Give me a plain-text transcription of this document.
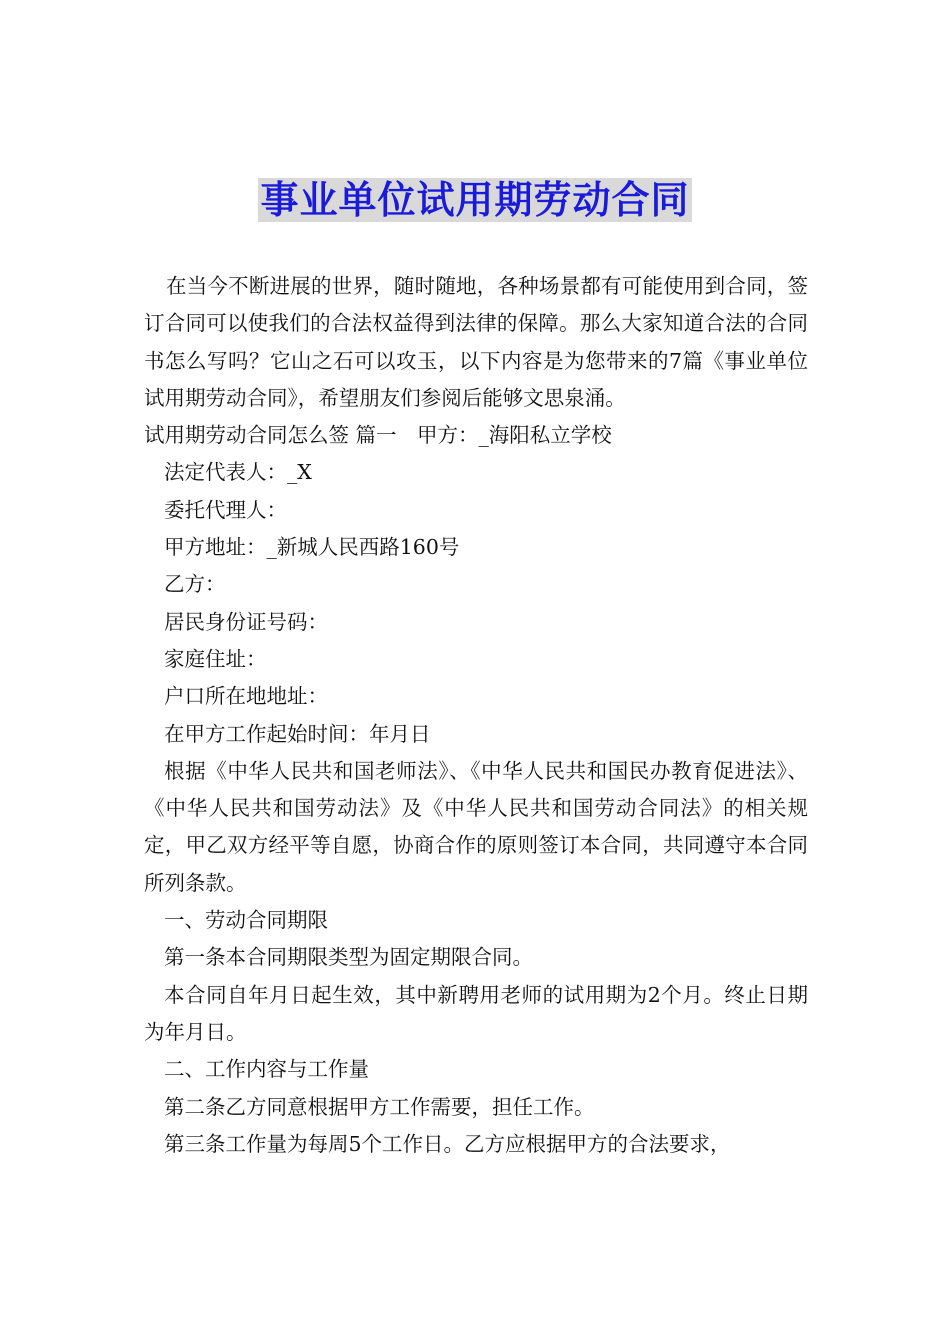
事业单位试用期劳动合同

在当今不断进展的世界，随时随地，各种场景都有可能使用到合同，签订合同可以使我们的合法权益得到法律的保障。那么大家知道合法的合同书怎么写吗？它山之石可以攻玉，以下内容是为您带来的7篇《事业单位试用期劳动合同》，希望朋友们参阅后能够文思泉涌。

试用期劳动合同怎么签 篇一　甲方：_海阳私立学校

法定代表人：_X

委托代理人：

甲方地址：_新城人民西路160号

乙方：

居民身份证号码：

家庭住址：

户口所在地地址：

在甲方工作起始时间：年月日

根据《中华人民共和国老师法》、《中华人民共和国民办教育促进法》、《中华人民共和国劳动法》及《中华人民共和国劳动合同法》的相关规定，甲乙双方经平等自愿，协商合作的原则签订本合同，共同遵守本合同所列条款。

一、劳动合同期限

第一条本合同期限类型为固定期限合同。

本合同自年月日起生效，其中新聘用老师的试用期为2个月。终止日期为年月日。

二、工作内容与工作量

第二条乙方同意根据甲方工作需要，担任工作。

第三条工作量为每周5个工作日。乙方应根据甲方的合法要求，
